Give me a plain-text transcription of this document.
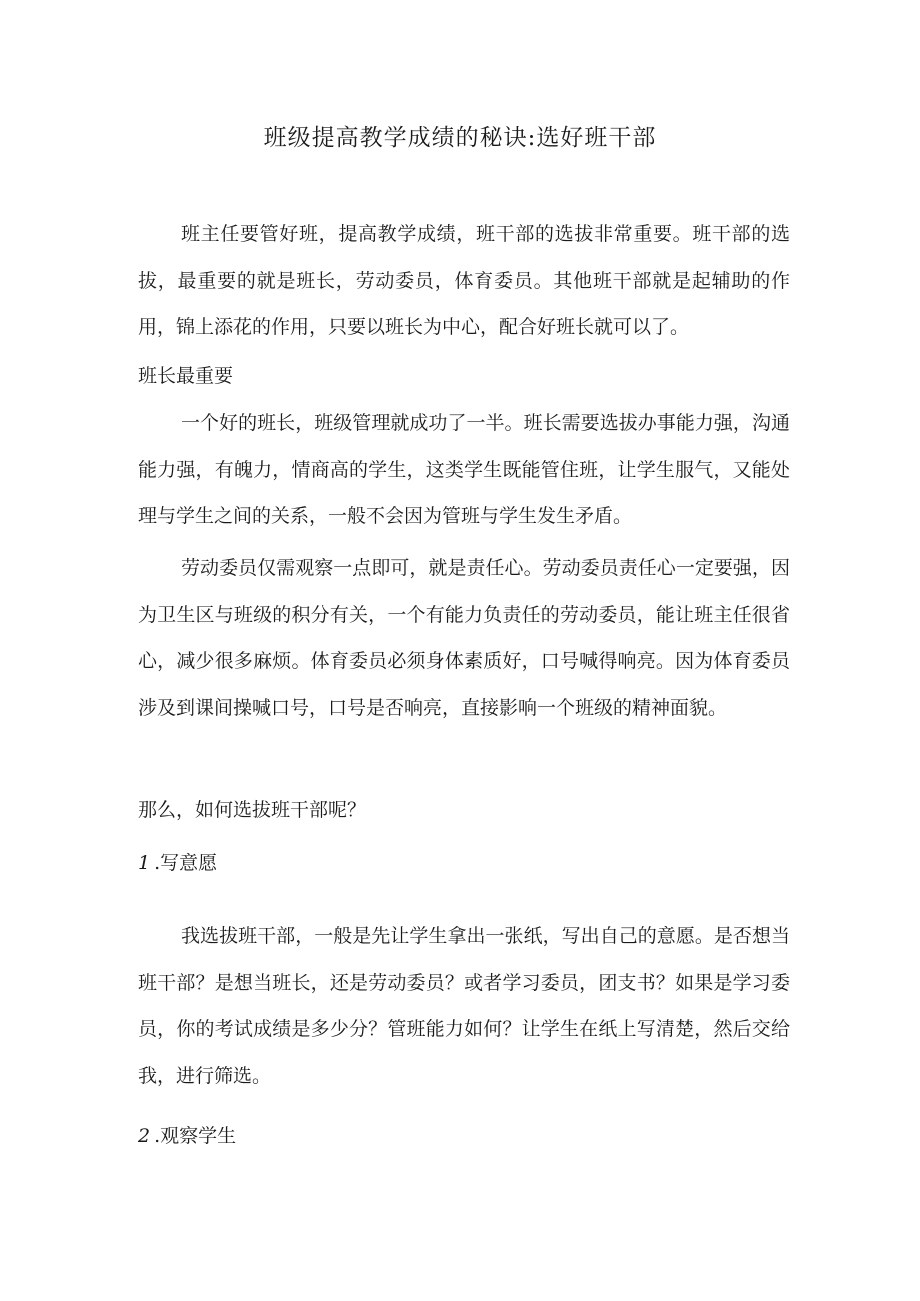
班级提高教学成绩的秘诀:选好班干部

班主任要管好班，提高教学成绩，班干部的选拔非常重要。班干部的选拔，最重要的就是班长，劳动委员，体育委员。其他班干部就是起辅助的作用，锦上添花的作用，只要以班长为中心，配合好班长就可以了。

班长最重要

一个好的班长，班级管理就成功了一半。班长需要选拔办事能力强，沟通能力强，有魄力，情商高的学生，这类学生既能管住班，让学生服气，又能处理与学生之间的关系，一般不会因为管班与学生发生矛盾。

劳动委员仅需观察一点即可，就是责任心。劳动委员责任心一定要强，因为卫生区与班级的积分有关，一个有能力负责任的劳动委员，能让班主任很省心，减少很多麻烦。体育委员必须身体素质好，口号喊得响亮。因为体育委员涉及到课间操喊口号，口号是否响亮，直接影响一个班级的精神面貌。

那么，如何选拔班干部呢？

1 .写意愿

我选拔班干部，一般是先让学生拿出一张纸，写出自己的意愿。是否想当班干部？是想当班长，还是劳动委员？或者学习委员，团支书？如果是学习委员，你的考试成绩是多少分？管班能力如何？让学生在纸上写清楚，然后交给我，进行筛选。

2 .观察学生
